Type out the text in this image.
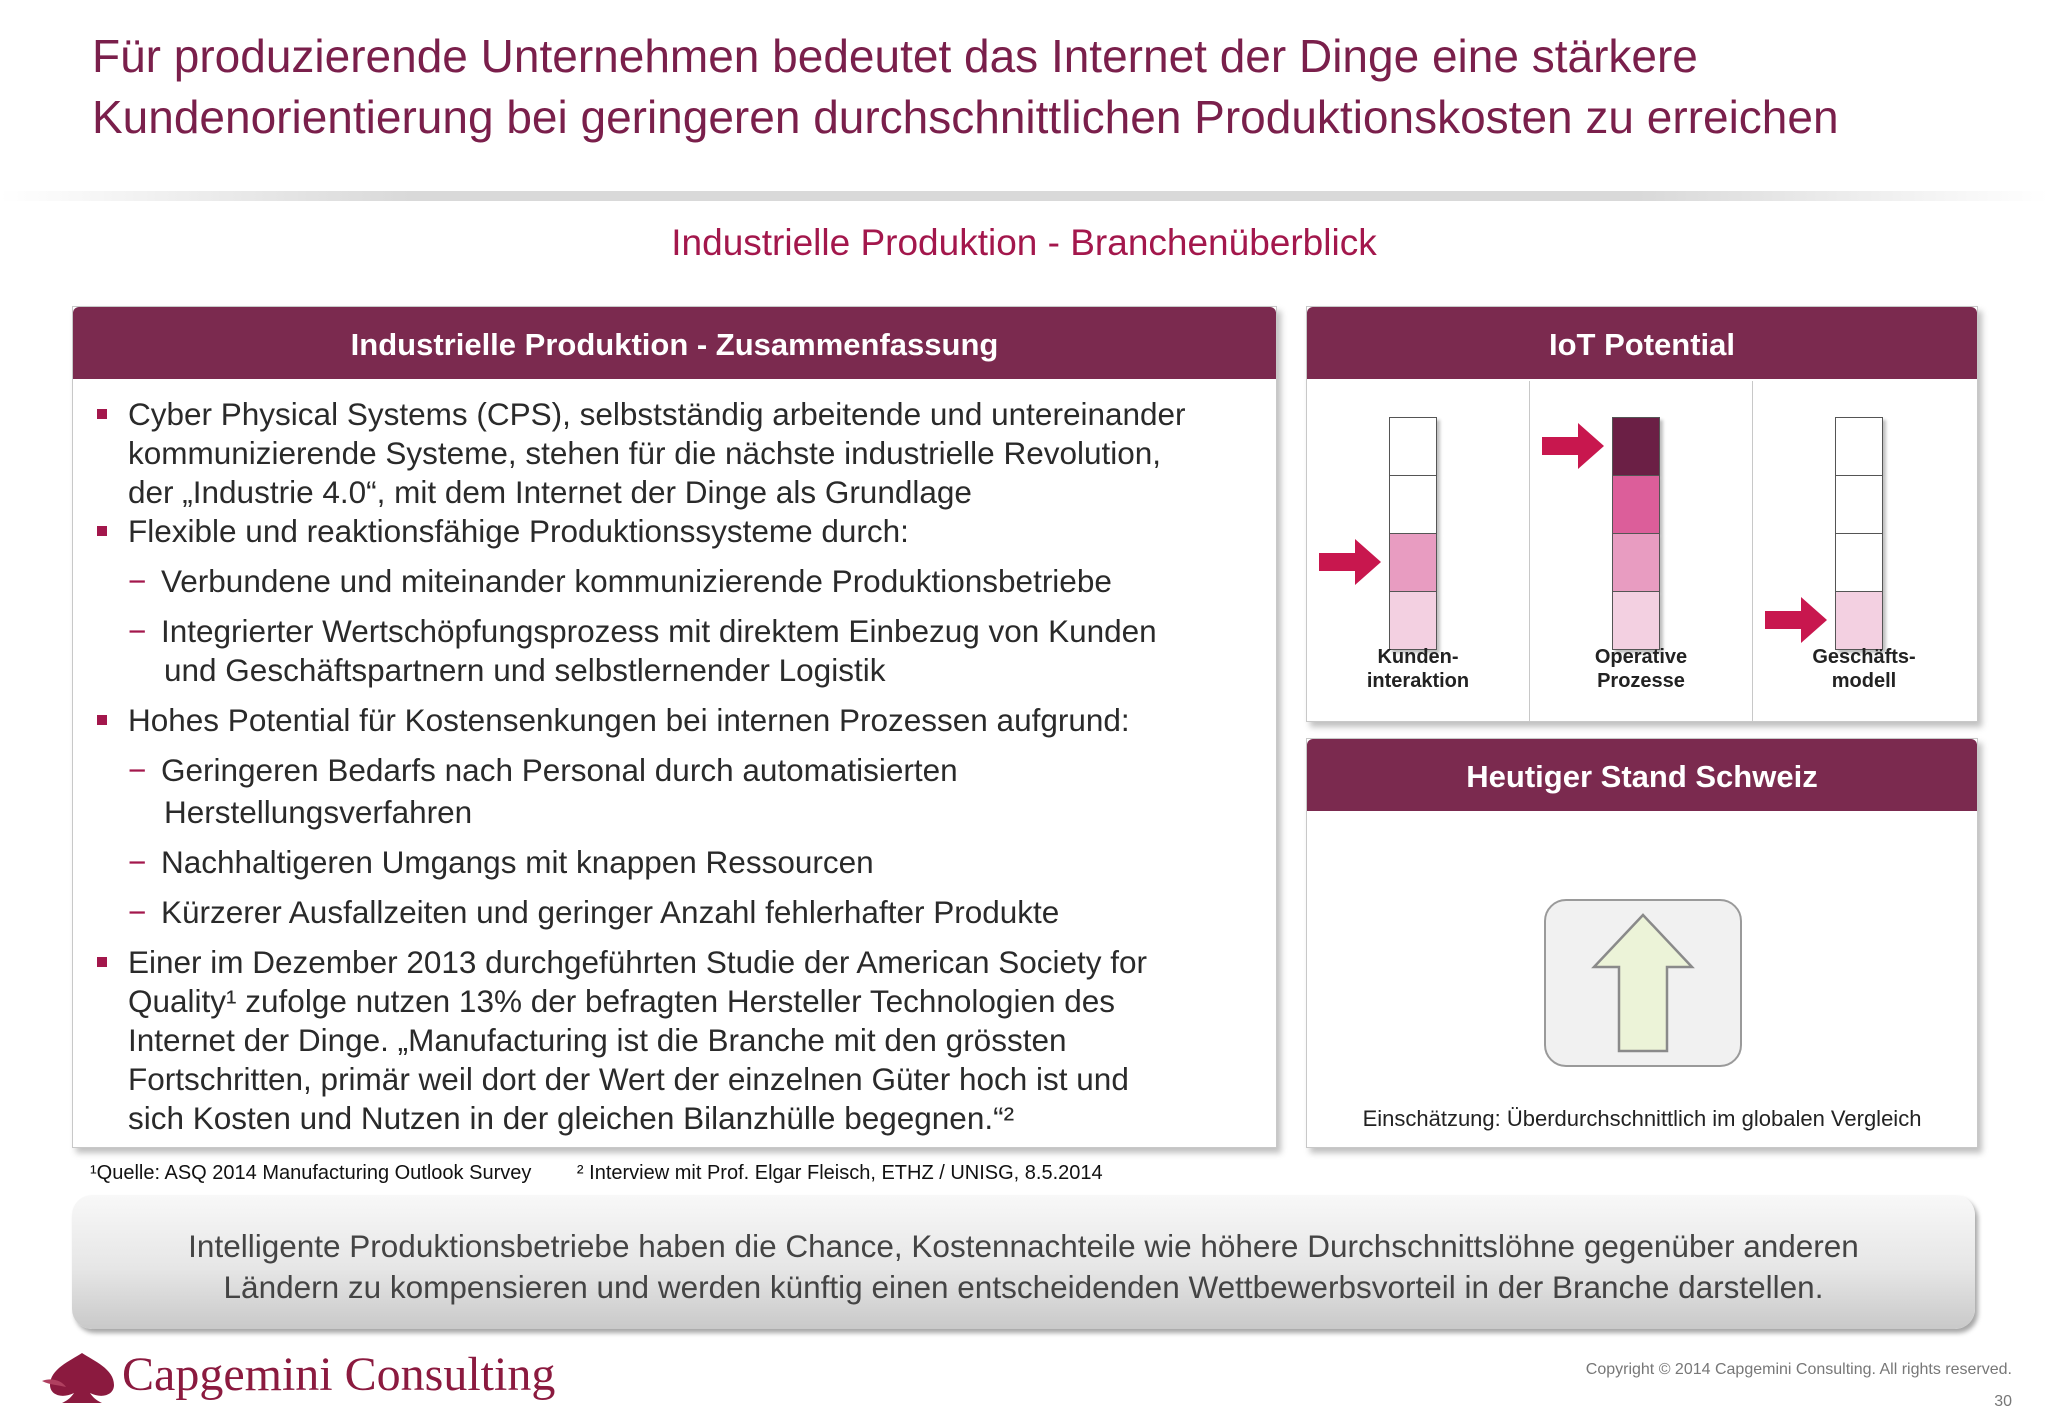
Für produzierende Unternehmen bedeutet das Internet der Dinge eine stärkere
Kundenorientierung bei geringeren durchschnittlichen Produktionskosten zu erreichen
Industrielle Produktion - Branchenüberblick
Industrielle Produktion - Zusammenfassung
Cyber Physical Systems (CPS), selbstständig arbeitende und untereinander
kommunizierende Systeme, stehen für die nächste industrielle Revolution,
der „Industrie 4.0“, mit dem Internet der Dinge als Grundlage
Flexible und reaktionsfähige Produktionssysteme durch:
− Verbundene und miteinander kommunizierende Produktionsbetriebe
− Integrierter Wertschöpfungsprozess mit direktem Einbezug von Kunden
und Geschäftspartnern und selbstlernender Logistik
Hohes Potential für Kostensenkungen bei internen Prozessen aufgrund:
− Geringeren Bedarfs nach Personal durch automatisierten
Herstellungsverfahren
− Nachhaltigeren Umgangs mit knappen Ressourcen
− Kürzerer Ausfallzeiten und geringer Anzahl fehlerhafter Produkte
Einer im Dezember 2013 durchgeführten Studie der American Society for
Quality¹ zufolge nutzen 13% der befragten Hersteller Technologien des
Internet der Dinge. „Manufacturing ist die Branche mit den grössten
Fortschritten, primär weil dort der Wert der einzelnen Güter hoch ist und
sich Kosten und Nutzen in der gleichen Bilanzhülle begegnen.“²
¹Quelle: ASQ 2014 Manufacturing Outlook Survey ² Interview mit Prof. Elgar Fleisch, ETHZ / UNISG, 8.5.2014
IoT Potential
Kunden-
interaktion
Operative
Prozesse
Geschäfts-
modell
Heutiger Stand Schweiz
Einschätzung: Überdurchschnittlich im globalen Vergleich
Intelligente Produktionsbetriebe haben die Chance, Kostennachteile wie höhere Durchschnittslöhne gegenüber anderen
Ländern zu kompensieren und werden künftig einen entscheidenden Wettbewerbsvorteil in der Branche darstellen.
Capgemini Consulting	Copyright © 2014 Capgemini Consulting. All rights reserved.
30
